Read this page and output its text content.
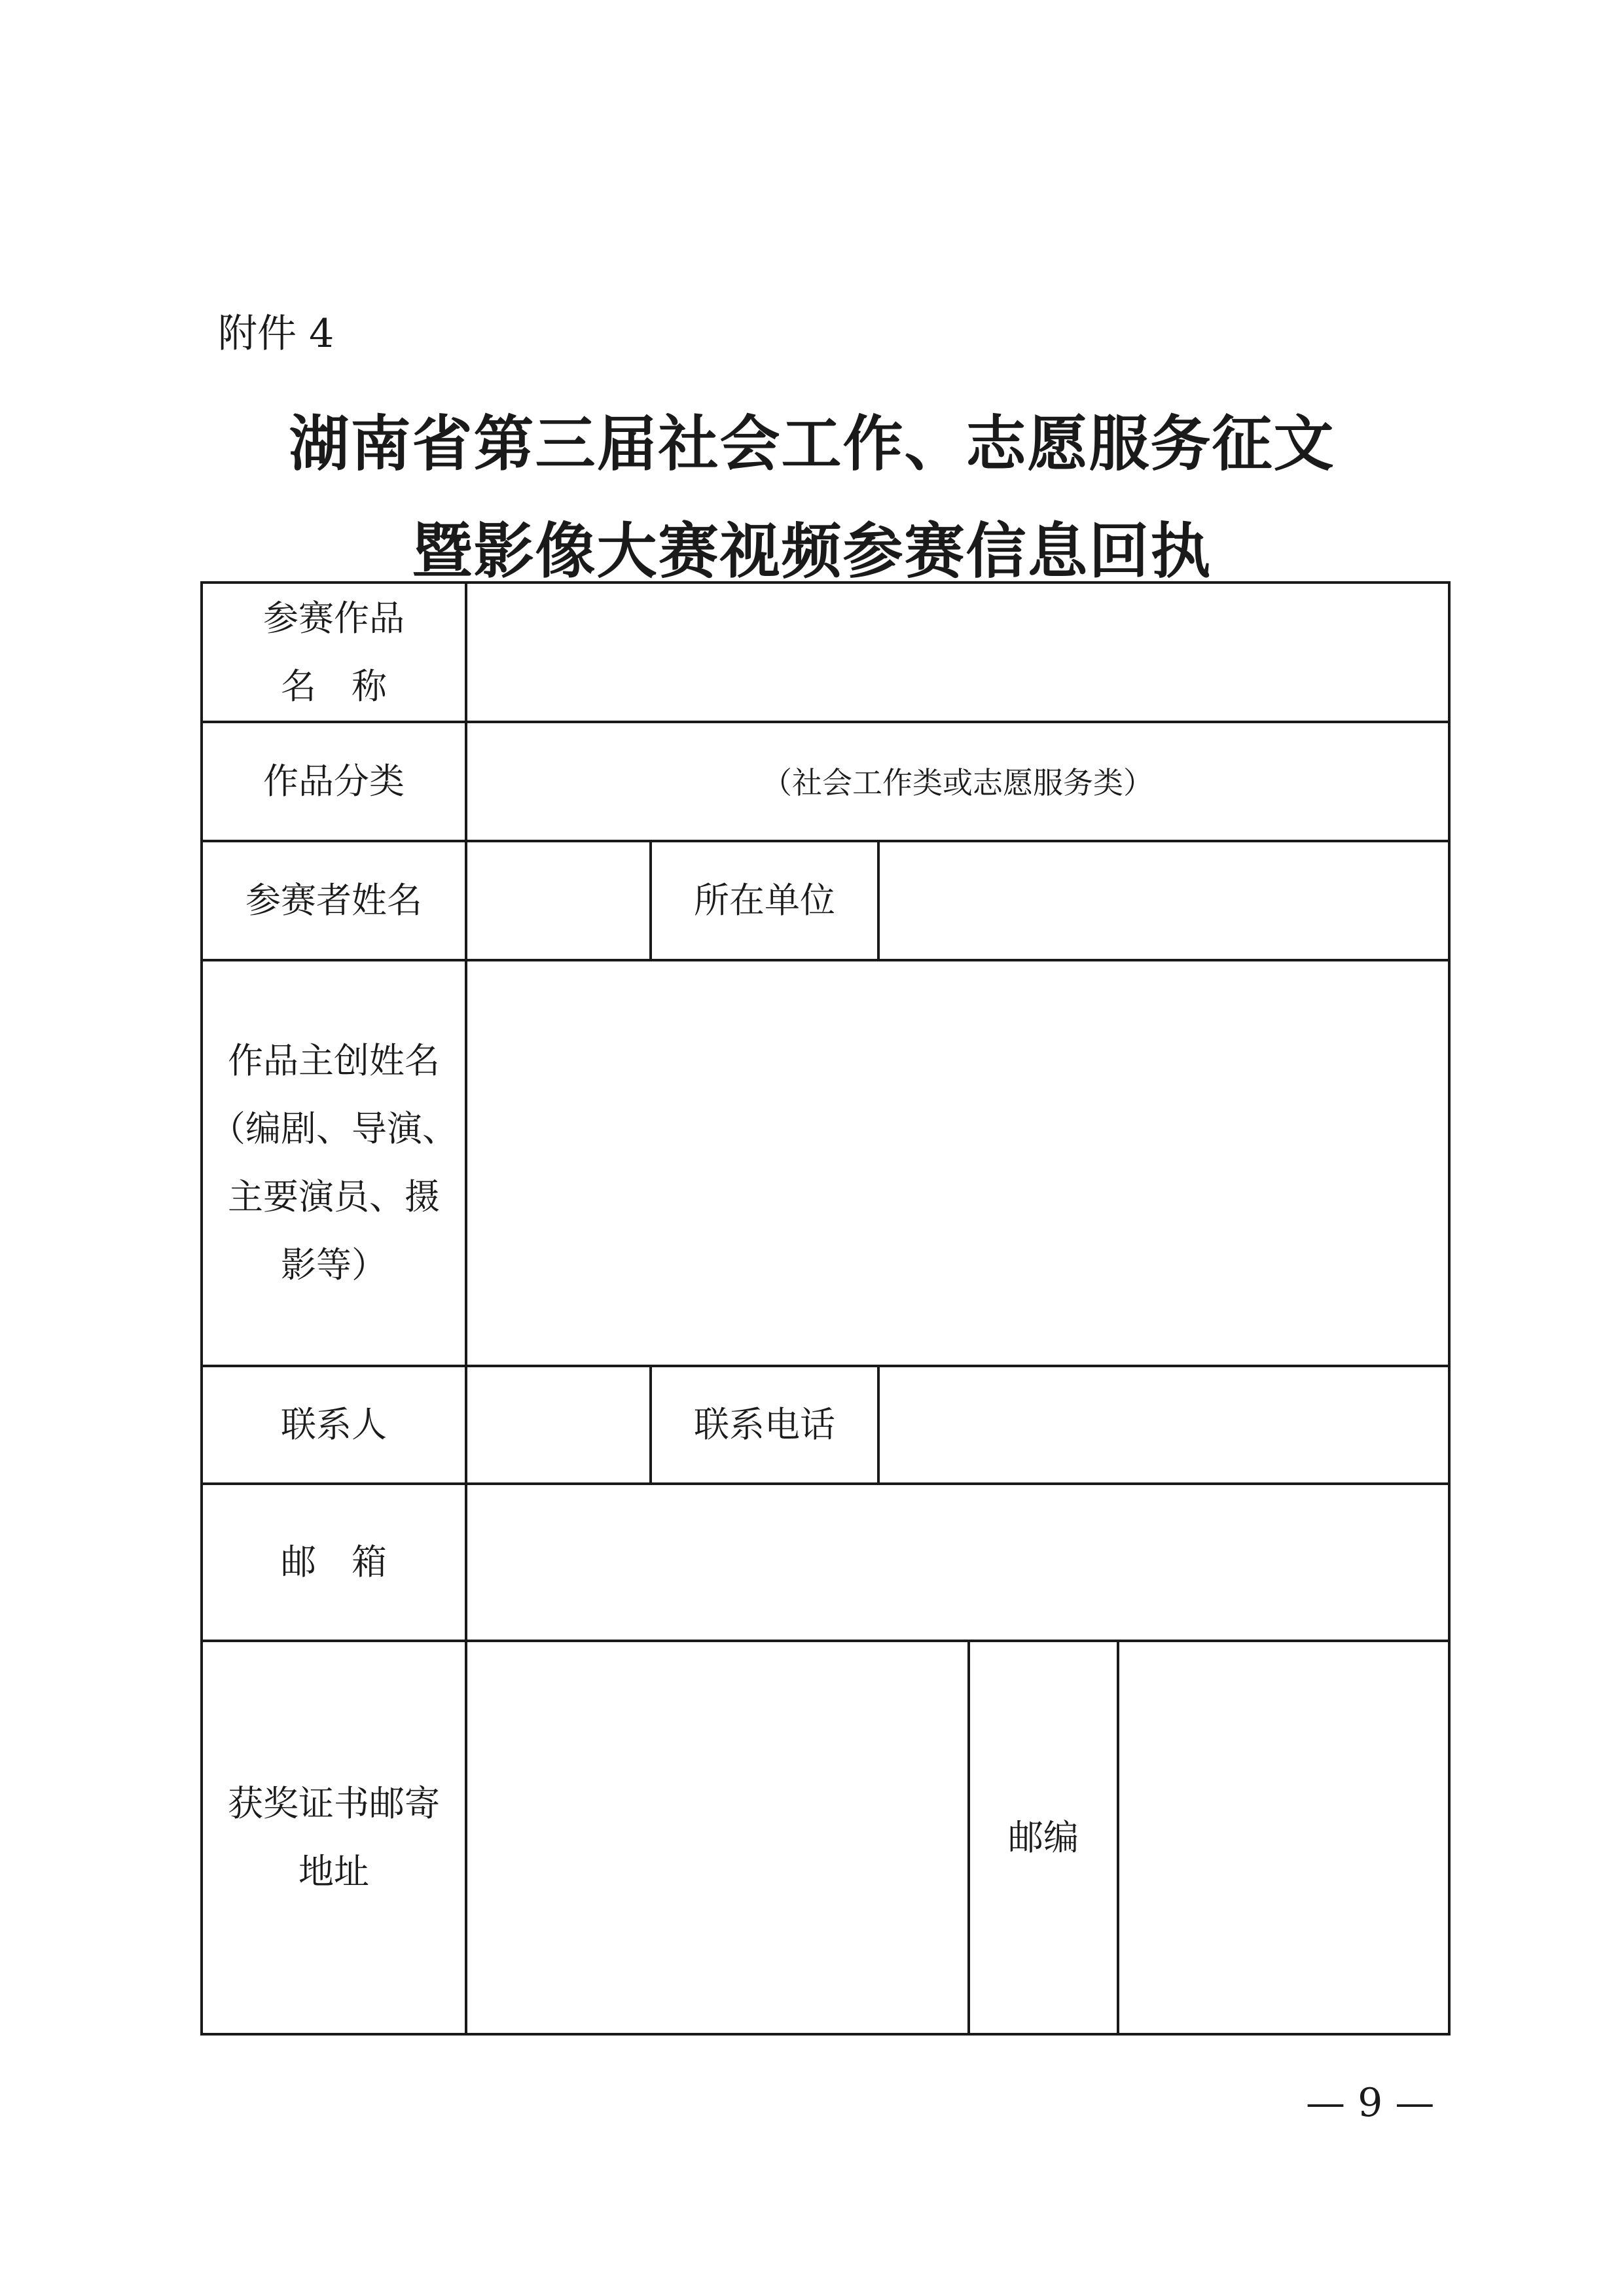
附件 4
湖南省第三届社会工作、志愿服务征文
暨影像大赛视频参赛信息回执
参赛作品
名　称					
作品分类	（社会工作类或志愿服务类）				
参赛者姓名		所在单位			
作品主创姓名
（编剧、导演、
主要演员、摄
影等）					
联系人		联系电话			
邮　箱					
获奖证书邮寄
地址				邮编	
— 9 —
